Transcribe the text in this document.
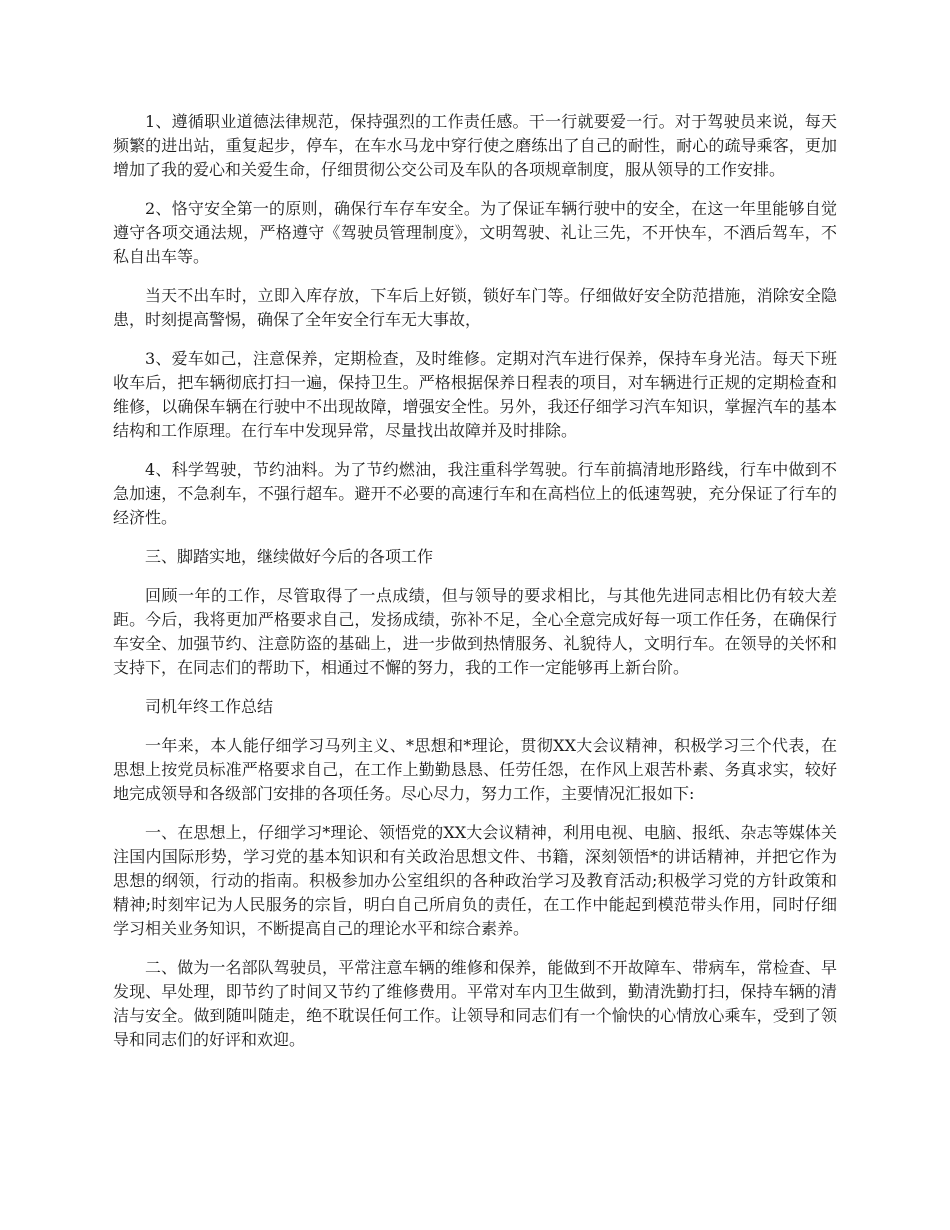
1、遵循职业道德法律规范，保持强烈的工作责任感。干一行就要爱一行。对于驾驶员来说，每天频繁的进出站，重复起步，停车，在车水马龙中穿行使之磨练出了自己的耐性，耐心的疏导乘客，更加增加了我的爱心和关爱生命，仔细贯彻公交公司及车队的各项规章制度，服从领导的工作安排。

2、恪守安全第一的原则，确保行车存车安全。为了保证车辆行驶中的安全，在这一年里能够自觉遵守各项交通法规，严格遵守《驾驶员管理制度》，文明驾驶、礼让三先，不开快车，不酒后驾车，不私自出车等。

当天不出车时，立即入库存放，下车后上好锁，锁好车门等。仔细做好安全防范措施，消除安全隐患，时刻提高警惕，确保了全年安全行车无大事故，

3、爱车如己，注意保养，定期检查，及时维修。定期对汽车进行保养，保持车身光洁。每天下班收车后，把车辆彻底打扫一遍，保持卫生。严格根据保养日程表的项目，对车辆进行正规的定期检查和维修，以确保车辆在行驶中不出现故障，增强安全性。另外，我还仔细学习汽车知识，掌握汽车的基本结构和工作原理。在行车中发现异常，尽量找出故障并及时排除。

4、科学驾驶，节约油料。为了节约燃油，我注重科学驾驶。行车前搞清地形路线，行车中做到不急加速，不急刹车，不强行超车。避开不必要的高速行车和在高档位上的低速驾驶，充分保证了行车的经济性。

三、脚踏实地，继续做好今后的各项工作

回顾一年的工作，尽管取得了一点成绩，但与领导的要求相比，与其他先进同志相比仍有较大差距。今后，我将更加严格要求自己，发扬成绩，弥补不足，全心全意完成好每一项工作任务，在确保行车安全、加强节约、注意防盗的基础上，进一步做到热情服务、礼貌待人，文明行车。在领导的关怀和支持下，在同志们的帮助下，相通过不懈的努力，我的工作一定能够再上新台阶。

司机年终工作总结

一年来，本人能仔细学习马列主义、*思想和*理论，贯彻XX大会议精神，积极学习三个代表，在思想上按党员标准严格要求自己，在工作上勤勤恳恳、任劳任怨，在作风上艰苦朴素、务真求实，较好地完成领导和各级部门安排的各项任务。尽心尽力，努力工作，主要情况汇报如下:

一、在思想上，仔细学习*理论、领悟党的XX大会议精神，利用电视、电脑、报纸、杂志等媒体关注国内国际形势，学习党的基本知识和有关政治思想文件、书籍，深刻领悟*的讲话精神，并把它作为思想的纲领，行动的指南。积极参加办公室组织的各种政治学习及教育活动;积极学习党的方针政策和精神;时刻牢记为人民服务的宗旨，明白自己所肩负的责任，在工作中能起到模范带头作用，同时仔细学习相关业务知识，不断提高自己的理论水平和综合素养。

二、做为一名部队驾驶员，平常注意车辆的维修和保养，能做到不开故障车、带病车，常检查、早发现、早处理，即节约了时间又节约了维修费用。平常对车内卫生做到，勤清洗勤打扫，保持车辆的清洁与安全。做到随叫随走，绝不耽误任何工作。让领导和同志们有一个愉快的心情放心乘车，受到了领导和同志们的好评和欢迎。
